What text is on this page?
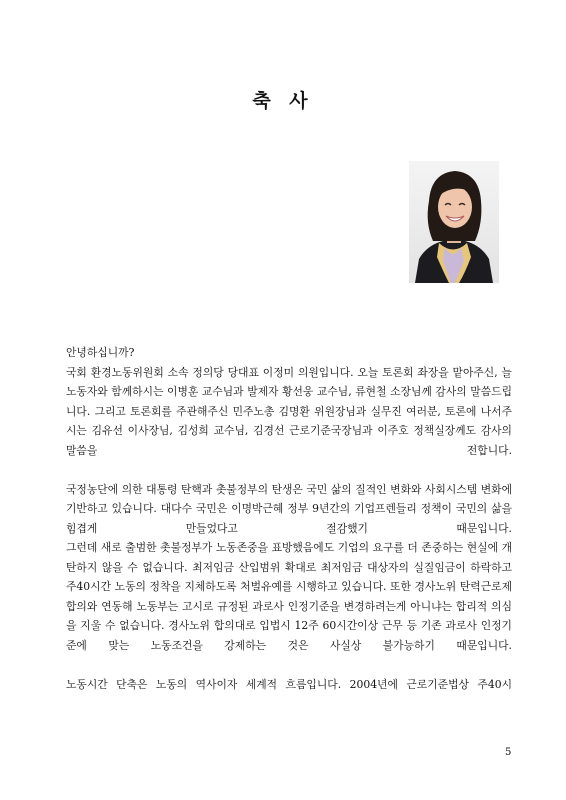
축 사

안녕하십니까?

국회 환경노동위원회 소속 정의당 당대표 이정미 의원입니다. 오늘 토론회 좌장을 맡아주신, 늘 노동자와 함께하시는 이병훈 교수님과 발제자 황선웅 교수님, 류현철 소장님께 감사의 말씀드립니다. 그리고 토론회를 주관해주신 민주노총 김명환 위원장님과 실무진 여러분, 토론에 나서주시는 김유선 이사장님, 김성희 교수님, 김경선 근로기준국장님과 이주호 정책실장께도 감사의 말씀을 전합니다.

국정농단에 의한 대통령 탄핵과 촛불정부의 탄생은 국민 삶의 질적인 변화와 사회시스템 변화에 기반하고 있습니다. 대다수 국민은 이명박근혜 정부 9년간의 기업프렌들리 정책이 국민의 삶을 힘겹게 만들었다고 절감했기 때문입니다.

그런데 새로 출범한 촛불정부가 노동존중을 표방했음에도 기업의 요구를 더 존중하는 현실에 개탄하지 않을 수 없습니다. 최저임금 산입범위 확대로 최저임금 대상자의 실질임금이 하락하고 주40시간 노동의 정착을 지체하도록 처벌유예를 시행하고 있습니다. 또한 경사노위 탄력근로제 합의와 연동해 노동부는 고시로 규정된 과로사 인정기준을 변경하려는게 아니냐는 합리적 의심을 지울 수 없습니다. 경사노위 합의대로 입법시 12주 60시간이상 근무 등 기존 과로사 인정기준에 맞는 노동조건을 강제하는 것은 사실상 불가능하기 때문입니다.

노동시간 단축은 노동의 역사이자 세계적 흐름입니다. 2004년에 근로기준법상 주40시

5
